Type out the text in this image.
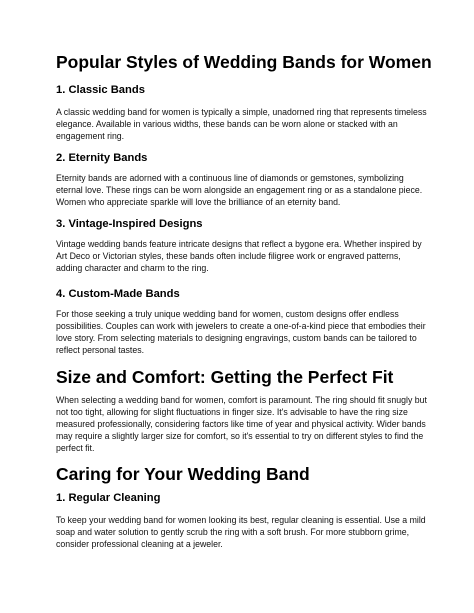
Popular Styles of Wedding Bands for Women
1. Classic Bands

A classic wedding band for women is typically a simple, unadorned ring that represents timeless
elegance. Available in various widths, these bands can be worn alone or stacked with an
engagement ring.

2. Eternity Bands

Eternity bands are adorned with a continuous line of diamonds or gemstones, symbolizing
eternal love. These rings can be worn alongside an engagement ring or as a standalone piece.
Women who appreciate sparkle will love the brilliance of an eternity band.

3. Vintage-Inspired Designs

Vintage wedding bands feature intricate designs that reflect a bygone era. Whether inspired by
Art Deco or Victorian styles, these bands often include filigree work or engraved patterns,
adding character and charm to the ring.

4. Custom-Made Bands

For those seeking a truly unique wedding band for women, custom designs offer endless
possibilities. Couples can work with jewelers to create a one-of-a-kind piece that embodies their
love story. From selecting materials to designing engravings, custom bands can be tailored to
reflect personal tastes.

Size and Comfort: Getting the Perfect Fit

When selecting a wedding band for women, comfort is paramount. The ring should fit snugly but
not too tight, allowing for slight fluctuations in finger size. It's advisable to have the ring size
measured professionally, considering factors like time of year and physical activity. Wider bands
may require a slightly larger size for comfort, so it's essential to try on different styles to find the
perfect fit.

Caring for Your Wedding Band
1. Regular Cleaning

To keep your wedding band for women looking its best, regular cleaning is essential. Use a mild
soap and water solution to gently scrub the ring with a soft brush. For more stubborn grime,
consider professional cleaning at a jeweler.
